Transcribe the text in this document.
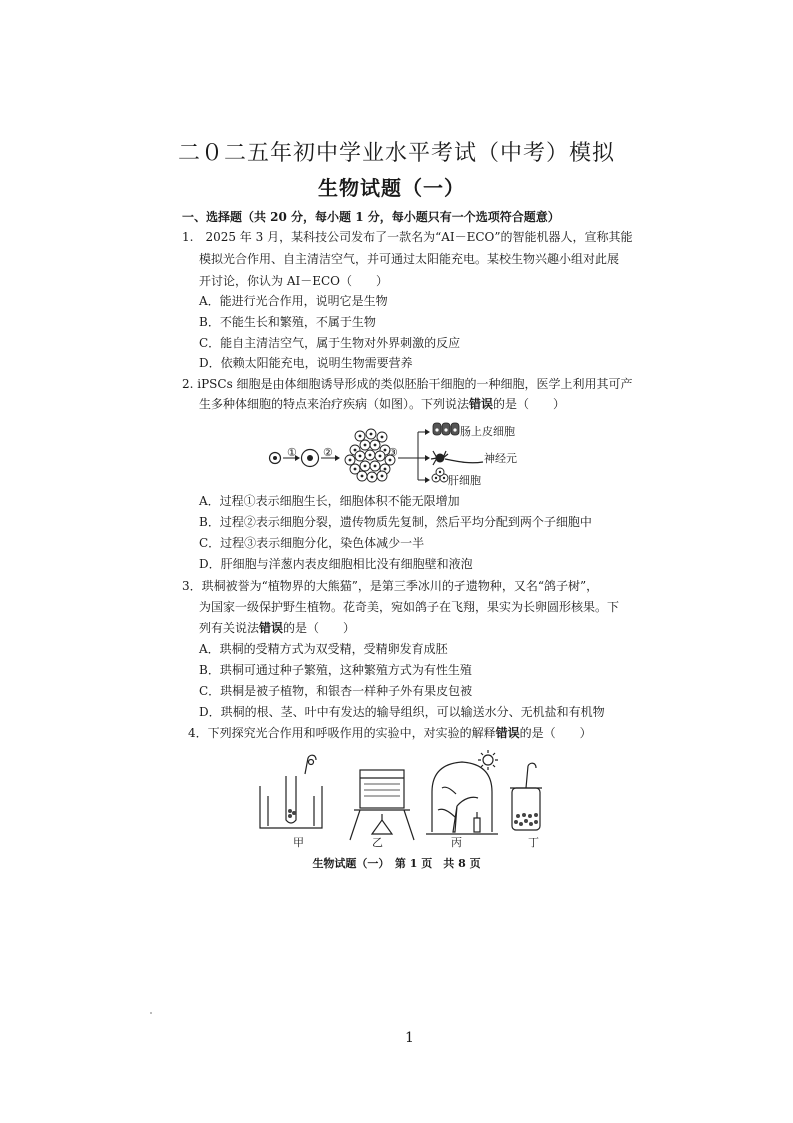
二０二五年初中学业水平考试（中考）模拟
生物试题（一）
一、选择题（共 20 分，每小题 1 分，每小题只有一个选项符合题意）
1.　2025 年 3 月，某科技公司发布了一款名为“AI－ECO”的智能机器人，宣称其能
模拟光合作用、自主清洁空气，并可通过太阳能充电。某校生物兴趣小组对此展
开讨论，你认为 AI－ECO（　　）
A．能进行光合作用，说明它是生物
B．不能生长和繁殖，不属于生物
C．能自主清洁空气，属于生物对外界刺激的反应
D．依赖太阳能充电，说明生物需要营养
2. iPSCs 细胞是由体细胞诱导形成的类似胚胎干细胞的一种细胞，医学上利用其可产
生多种体细胞的特点来治疗疾病（如图）。下列说法错误的是（　　）
① ②	③
肠上皮细胞
神经元
肝细胞
A．过程①表示细胞生长，细胞体积不能无限增加
B．过程②表示细胞分裂，遗传物质先复制，然后平均分配到两个子细胞中
C．过程③表示细胞分化，染色体减少一半
D．肝细胞与洋葱内表皮细胞相比没有细胞壁和液泡
3．珙桐被誉为“植物界的大熊猫”，是第三季冰川的孑遗物种，又名“鸽子树”，
为国家一级保护野生植物。花奇美，宛如鸽子在飞翔，果实为长卵圆形核果。下
列有关说法错误的是（　　）
A．珙桐的受精方式为双受精，受精卵发育成胚
B．珙桐可通过种子繁殖，这种繁殖方式为有性生殖
C．珙桐是被子植物，和银杏一样种子外有果皮包被
D．珙桐的根、茎、叶中有发达的输导组织，可以输送水分、无机盐和有机物
4．下列探究光合作用和呼吸作用的实验中，对实验的解释错误的是（　　）
甲	乙	丙	丁
生物试题（一）　第 1 页　共 8 页
1
